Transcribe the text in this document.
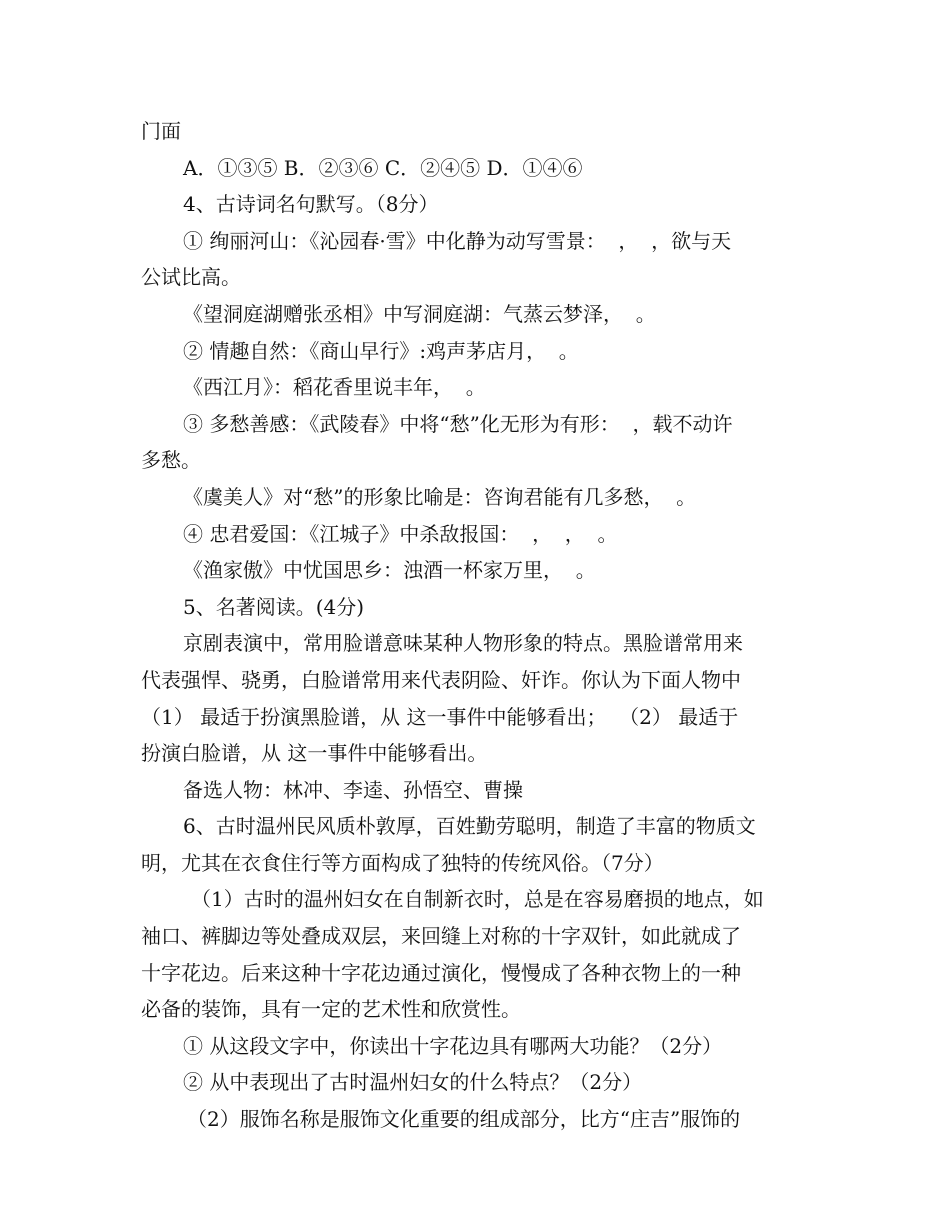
门面
A．①③⑤ B．②③⑥ C．②④⑤ D．①④⑥
4、古诗词名句默写。（8分）
① 绚丽河山：《沁园春·雪》中化静为动写雪景：  ，  ，欲与天
公试比高。
《望洞庭湖赠张丞相》中写洞庭湖：气蒸云梦泽，  。
② 情趣自然：《商山早行》:鸡声茅店月，  。
《西江月》：稻花香里说丰年，  。
③ 多愁善感：《武陵春》中将“愁”化无形为有形：  ，载不动许
多愁。
《虞美人》对“愁”的形象比喻是：咨询君能有几多愁，  。
④ 忠君爱国：《江城子》中杀敌报国：  ，  ，  。
《渔家傲》中忧国思乡：浊酒一杯家万里，  。
5、名著阅读。(4分)
京剧表演中，常用脸谱意味某种人物形象的特点。黑脸谱常用来
代表强悍、骁勇，白脸谱常用来代表阴险、奸诈。你认为下面人物中
（1） 最适于扮演黑脸谱，从 这一事件中能够看出；  （2） 最适于
扮演白脸谱，从 这一事件中能够看出。
备选人物：林冲、李逵、孙悟空、曹操
6、古时温州民风质朴敦厚，百姓勤劳聪明，制造了丰富的物质文
明，尤其在衣食住行等方面构成了独特的传统风俗。（7分）
（1）古时的温州妇女在自制新衣时，总是在容易磨损的地点，如
袖口、裤脚边等处叠成双层，来回缝上对称的十字双针，如此就成了
十字花边。后来这种十字花边通过演化，慢慢成了各种衣物上的一种
必备的装饰，具有一定的艺术性和欣赏性。
① 从这段文字中，你读出十字花边具有哪两大功能？（2分）
② 从中表现出了古时温州妇女的什么特点？（2分）
（2）服饰名称是服饰文化重要的组成部分，比方“庄吉”服饰的
